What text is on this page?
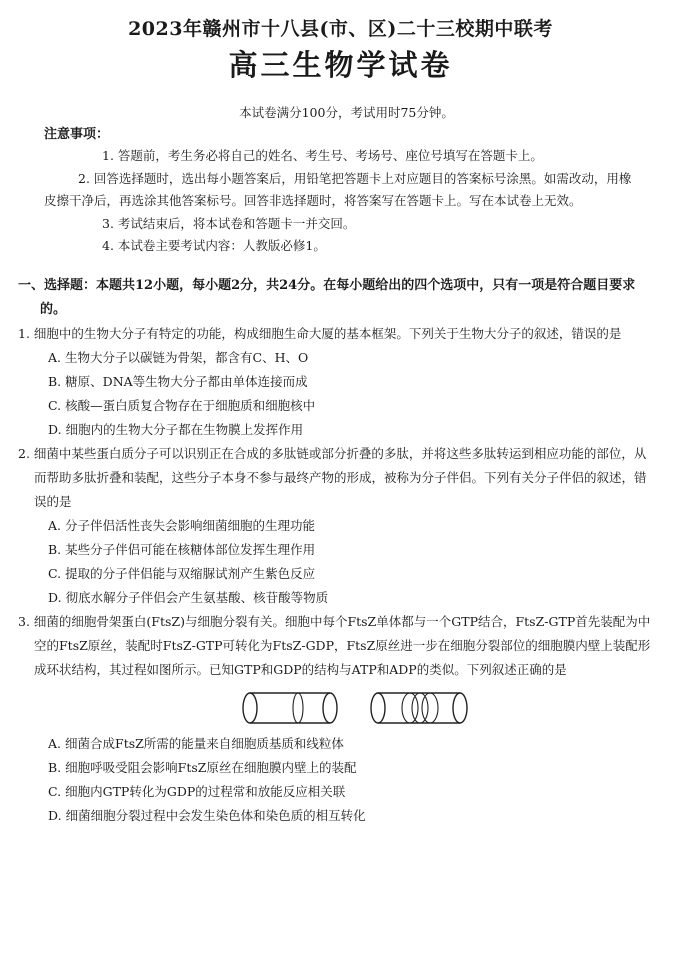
2023年赣州市十八县(市、区)二十三校期中联考
高三生物学试卷
本试卷满分100分，考试用时75分钟。
注意事项：
1. 答题前，考生务必将自己的姓名、考生号、考场号、座位号填写在答题卡上。
2. 回答选择题时，选出每小题答案后，用铅笔把答题卡上对应题目的答案标号涂黑。如需改动，用橡皮擦干净后，再选涂其他答案标号。回答非选择题时，将答案写在答题卡上。写在本试卷上无效。
3. 考试结束后，将本试卷和答题卡一并交回。
4. 本试卷主要考试内容：人教版必修1。
一、选择题：本题共12小题，每小题2分，共24分。在每小题给出的四个选项中，只有一项是符合题目要求的。
1. 细胞中的生物大分子有特定的功能，构成细胞生命大厦的基本框架。下列关于生物大分子的叙述，错误的是
A. 生物大分子以碳链为骨架，都含有C、H、O
B. 糖原、DNA等生物大分子都由单体连接而成
C. 核酸—蛋白质复合物存在于细胞质和细胞核中
D. 细胞内的生物大分子都在生物膜上发挥作用
2. 细菌中某些蛋白质分子可以识别正在合成的多肽链或部分折叠的多肽，并将这些多肽转运到相应功能的部位，从而帮助多肽折叠和装配，这些分子本身不参与最终产物的形成，被称为分子伴侣。下列有关分子伴侣的叙述，错误的是
A. 分子伴侣活性丧失会影响细菌细胞的生理功能
B. 某些分子伴侣可能在核糖体部位发挥生理作用
C. 提取的分子伴侣能与双缩脲试剂产生紫色反应
D. 彻底水解分子伴侣会产生氨基酸、核苷酸等物质
3. 细菌的细胞骨架蛋白(FtsZ)与细胞分裂有关。细胞中每个FtsZ单体都与一个GTP结合，FtsZ-GTP首先装配为中空的FtsZ原丝，装配时FtsZ-GTP可转化为FtsZ-GDP，FtsZ原丝进一步在细胞分裂部位的细胞膜内壁上装配形成环状结构，其过程如图所示。已知GTP和GDP的结构与ATP和ADP的类似。下列叙述正确的是
A. 细菌合成FtsZ所需的能量来自细胞质基质和线粒体
B. 细胞呼吸受阻会影响FtsZ原丝在细胞膜内壁上的装配
C. 细胞内GTP转化为GDP的过程常和放能反应相关联
D. 细菌细胞分裂过程中会发生染色体和染色质的相互转化
